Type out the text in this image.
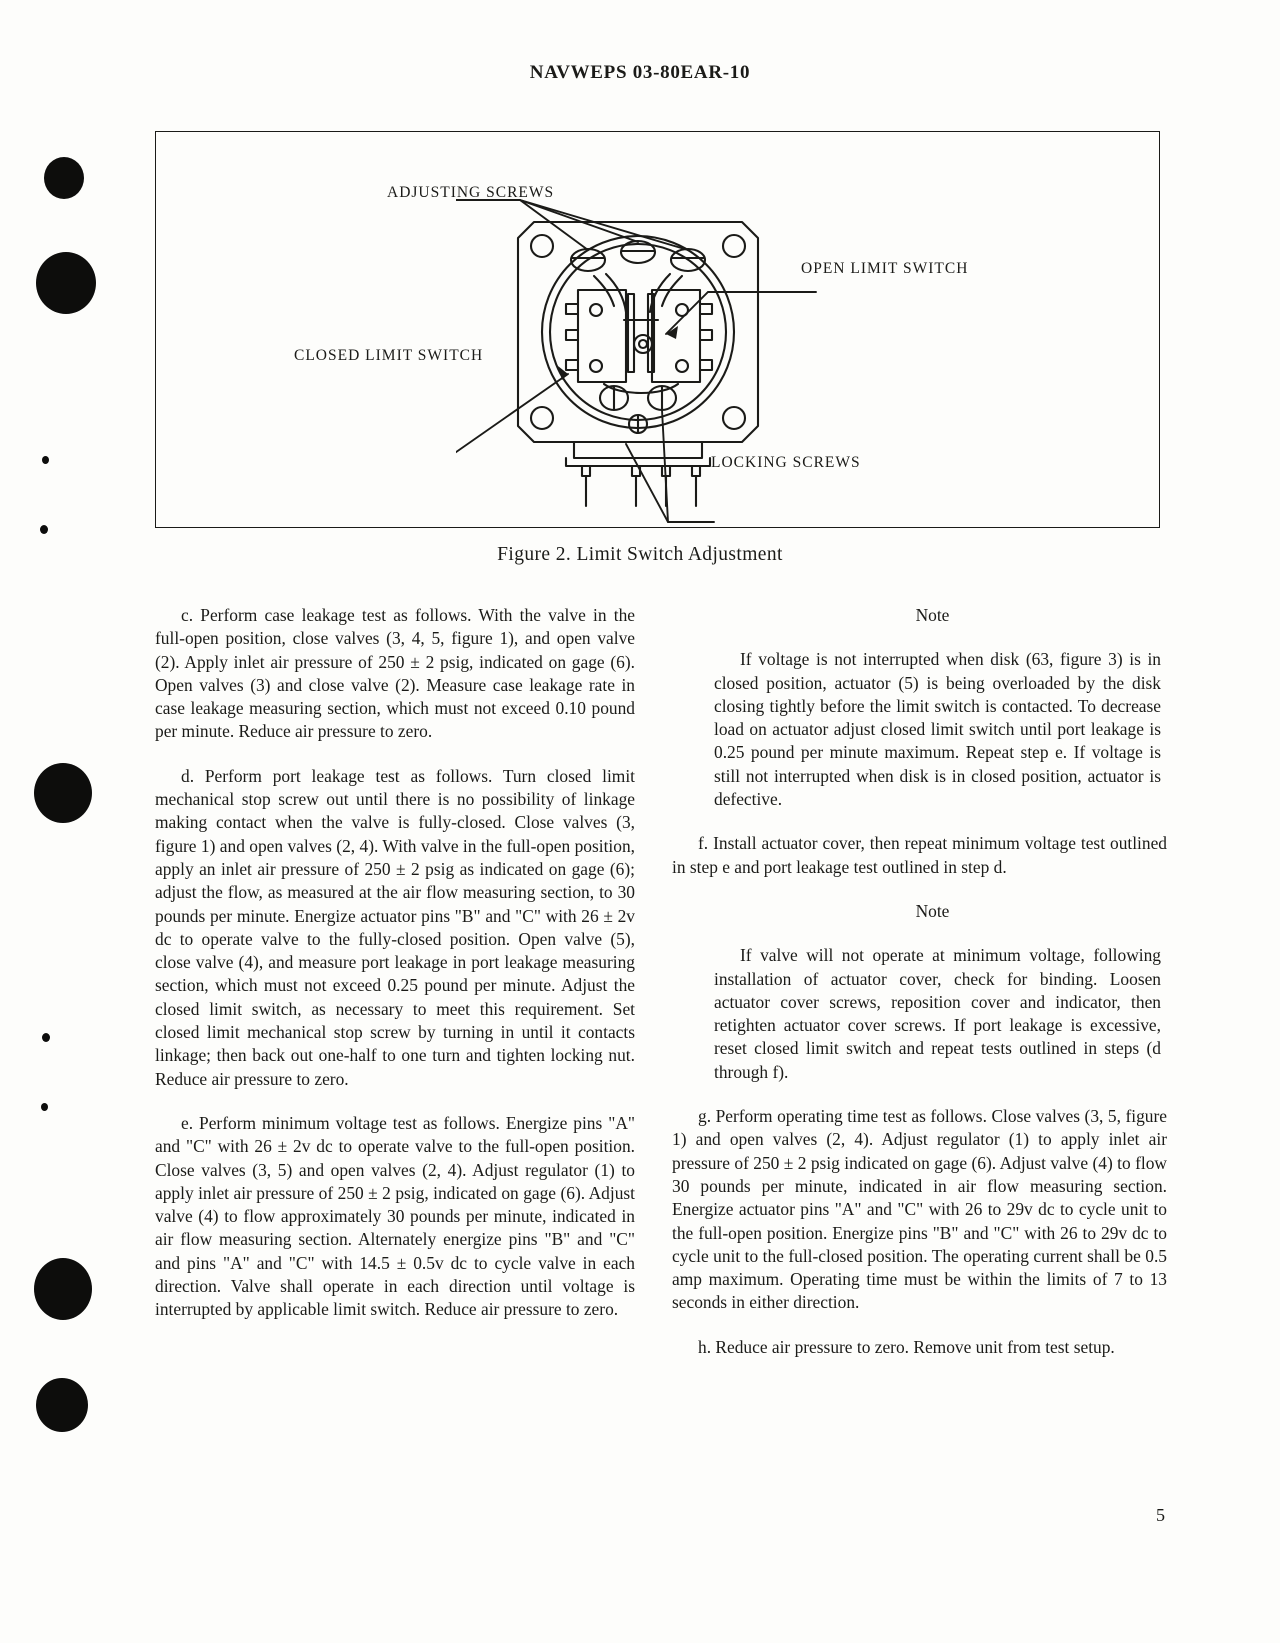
NAVWEPS 03-80EAR-10
ADJUSTING SCREWS
OPEN LIMIT SWITCH
CLOSED LIMIT SWITCH
LOCKING SCREWS
Figure 2. Limit Switch Adjustment

c. Perform case leakage test as follows. With the valve in the full-open position, close valves (3, 4, 5, figure 1), and open valve (2). Apply inlet air pressure of 250 ± 2 psig, indicated on gage (6). Open valves (3) and close valve (2). Measure case leakage rate in case leakage measuring section, which must not exceed 0.10 pound per minute. Reduce air pressure to zero.

d. Perform port leakage test as follows. Turn closed limit mechanical stop screw out until there is no possibility of linkage making contact when the valve is fully-closed. Close valves (3, figure 1) and open valves (2, 4). With valve in the full-open position, apply an inlet air pressure of 250 ± 2 psig as indicated on gage (6); adjust the flow, as measured at the air flow measuring section, to 30 pounds per minute. Energize actuator pins "B" and "C" with 26 ± 2v dc to operate valve to the fully-closed position. Open valve (5), close valve (4), and measure port leakage in port leakage measuring section, which must not exceed 0.25 pound per minute. Adjust the closed limit switch, as necessary to meet this requirement. Set closed limit mechanical stop screw by turning in until it contacts linkage; then back out one-half to one turn and tighten locking nut. Reduce air pressure to zero.

e. Perform minimum voltage test as follows. Energize pins "A" and "C" with 26 ± 2v dc to operate valve to the full-open position. Close valves (3, 5) and open valves (2, 4). Adjust regulator (1) to apply inlet air pressure of 250 ± 2 psig, indicated on gage (6). Adjust valve (4) to flow approximately 30 pounds per minute, indicated in air flow measuring section. Alternately energize pins "B" and "C" and pins "A" and "C" with 14.5 ± 0.5v dc to cycle valve in each direction. Valve shall operate in each direction until voltage is interrupted by applicable limit switch. Reduce air pressure to zero.

Note

If voltage is not interrupted when disk (63, figure 3) is in closed position, actuator (5) is being overloaded by the disk closing tightly before the limit switch is contacted. To decrease load on actuator adjust closed limit switch until port leakage is 0.25 pound per minute maximum. Repeat step e. If voltage is still not interrupted when disk is in closed position, actuator is defective.

f. Install actuator cover, then repeat minimum voltage test outlined in step e and port leakage test outlined in step d.

Note

If valve will not operate at minimum voltage, following installation of actuator cover, check for binding. Loosen actuator cover screws, reposition cover and indicator, then retighten actuator cover screws. If port leakage is excessive, reset closed limit switch and repeat tests outlined in steps (d through f).

g. Perform operating time test as follows. Close valves (3, 5, figure 1) and open valves (2, 4). Adjust regulator (1) to apply inlet air pressure of 250 ± 2 psig indicated on gage (6). Adjust valve (4) to flow 30 pounds per minute, indicated in air flow measuring section. Energize actuator pins "A" and "C" with 26 to 29v dc to cycle unit to the full-open position. Energize pins "B" and "C" with 26 to 29v dc to cycle unit to the full-closed position. The operating current shall be 0.5 amp maximum. Operating time must be within the limits of 7 to 13 seconds in either direction.

h. Reduce air pressure to zero. Remove unit from test setup.

5
